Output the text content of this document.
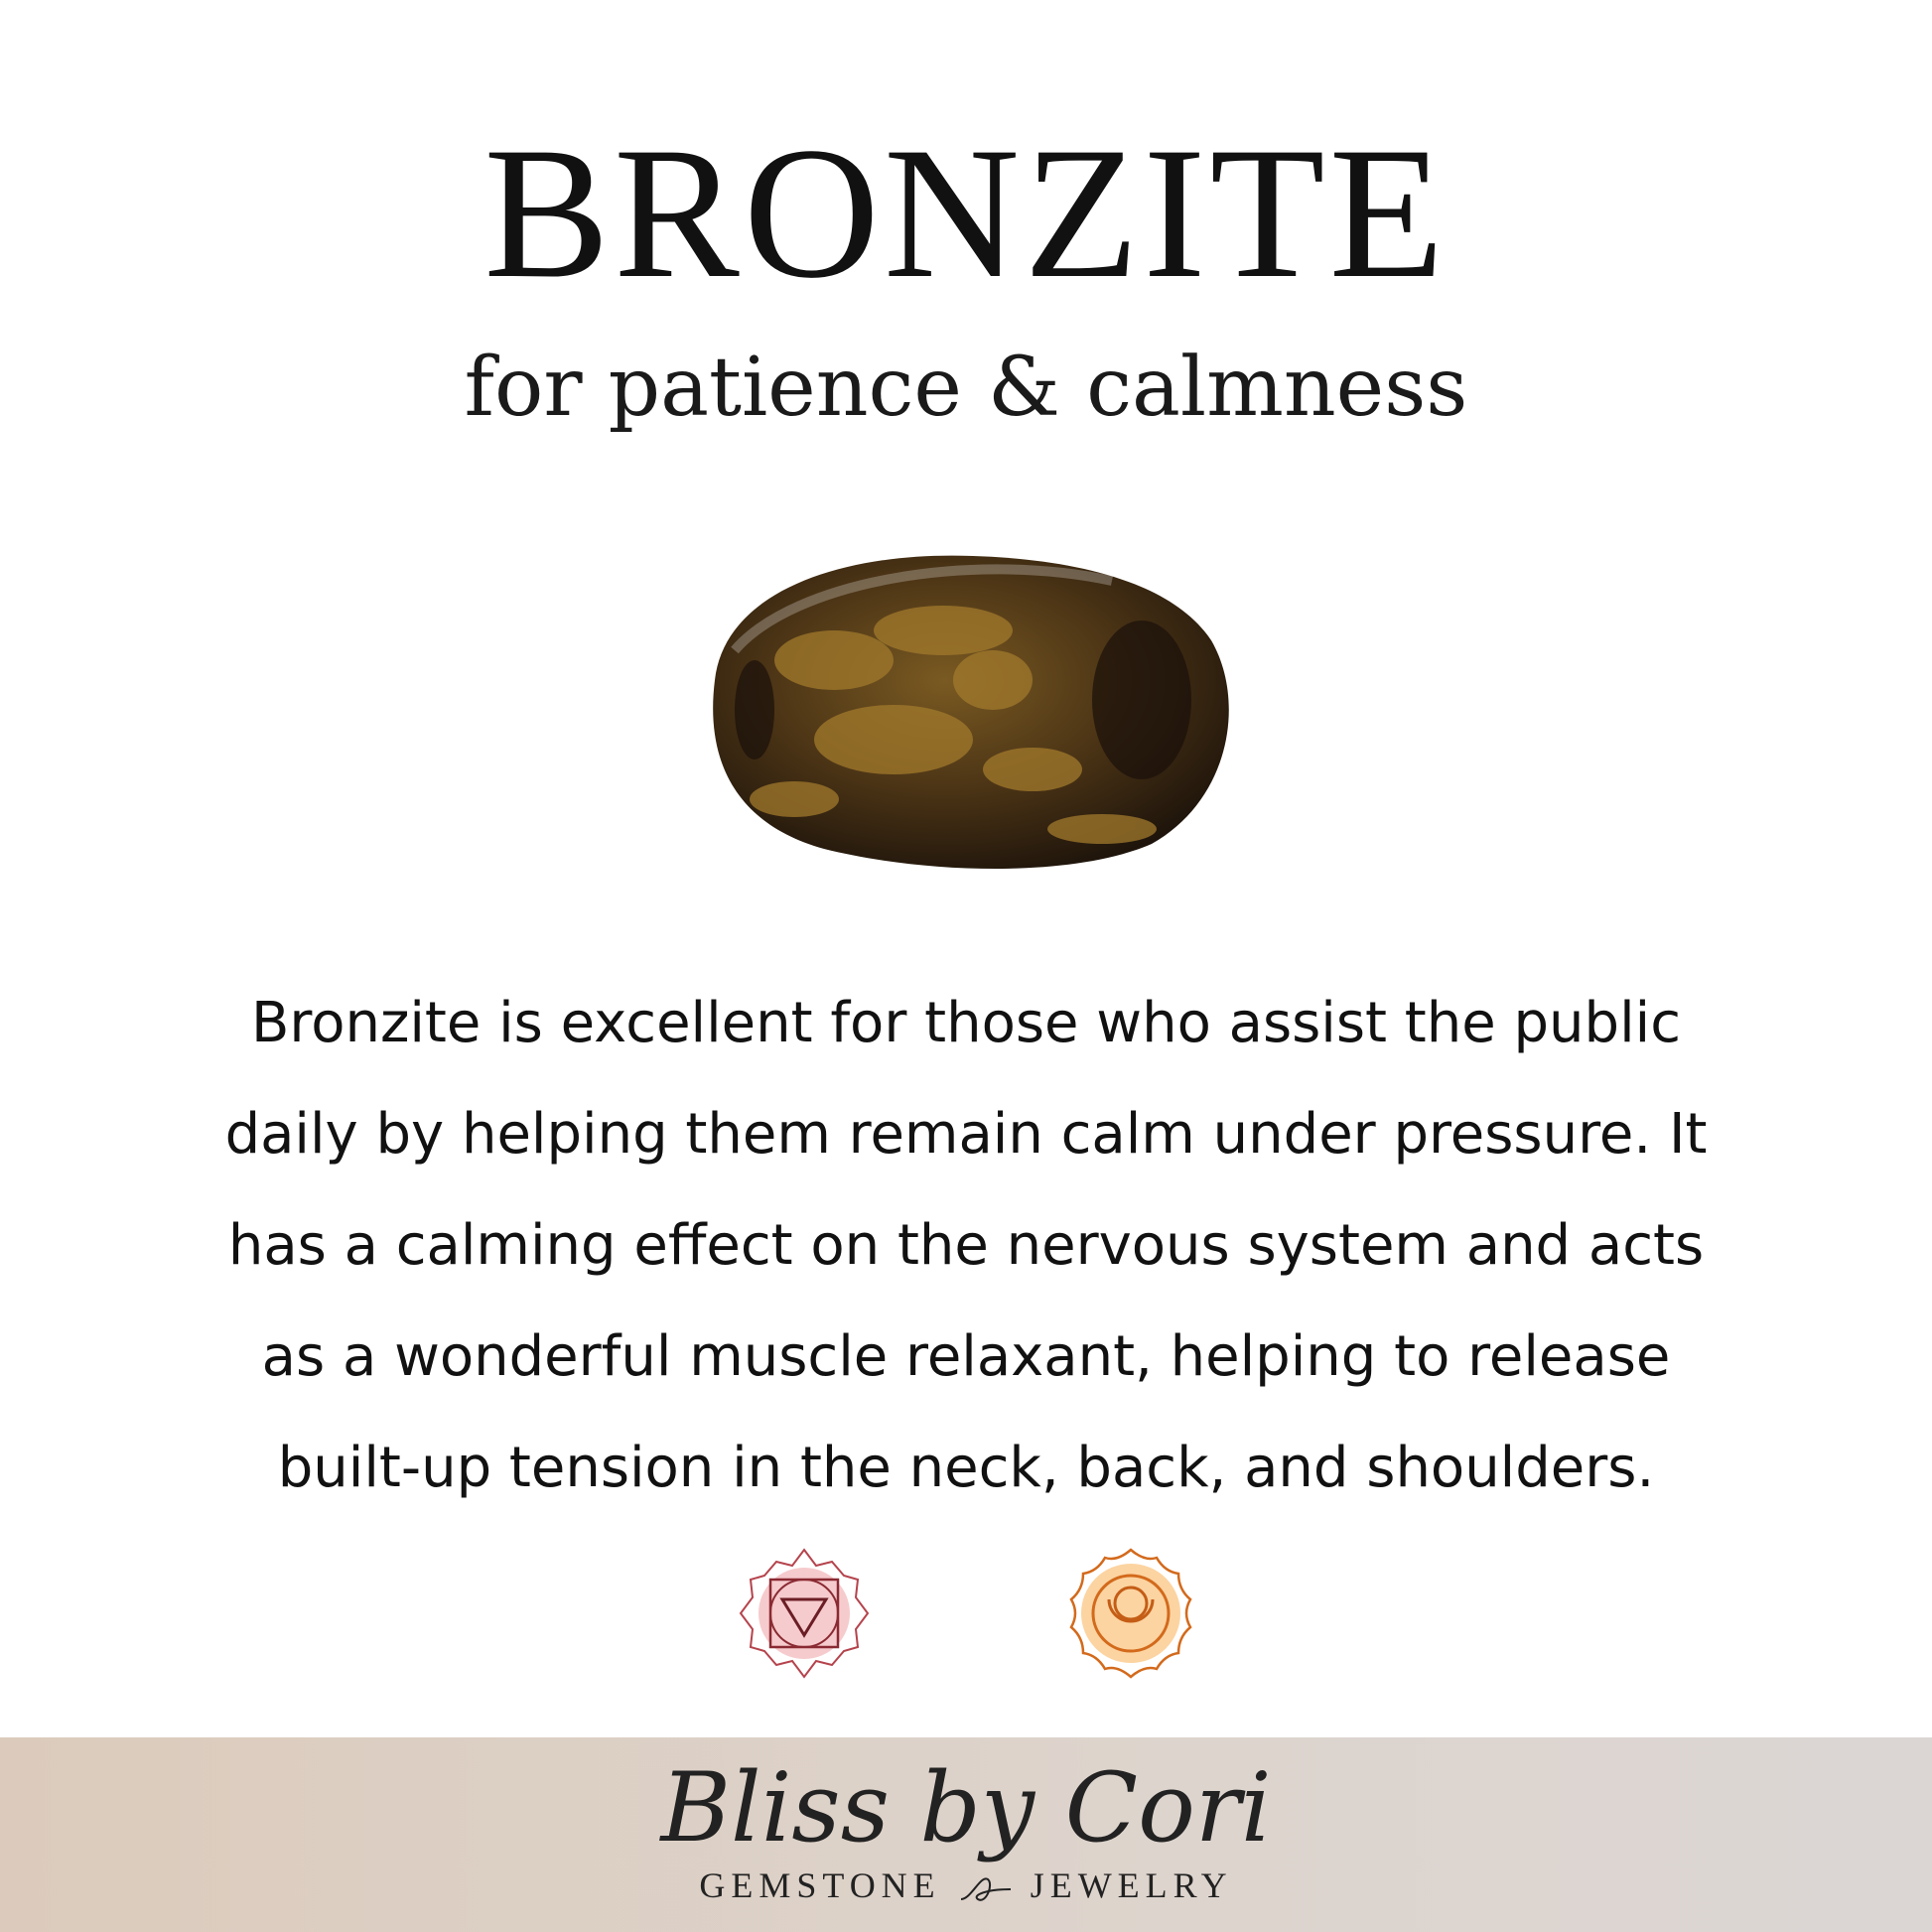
BRONZITE
for patience & calmness
Bronzite is excellent for those who assist the public
daily by helping them remain calm under pressure. It
has a calming effect on the nervous system and acts
as a wonderful muscle relaxant, helping to release
built-up tension in the neck, back, and shoulders.
Bliss by Cori
GEMSTONE	JEWELRY
